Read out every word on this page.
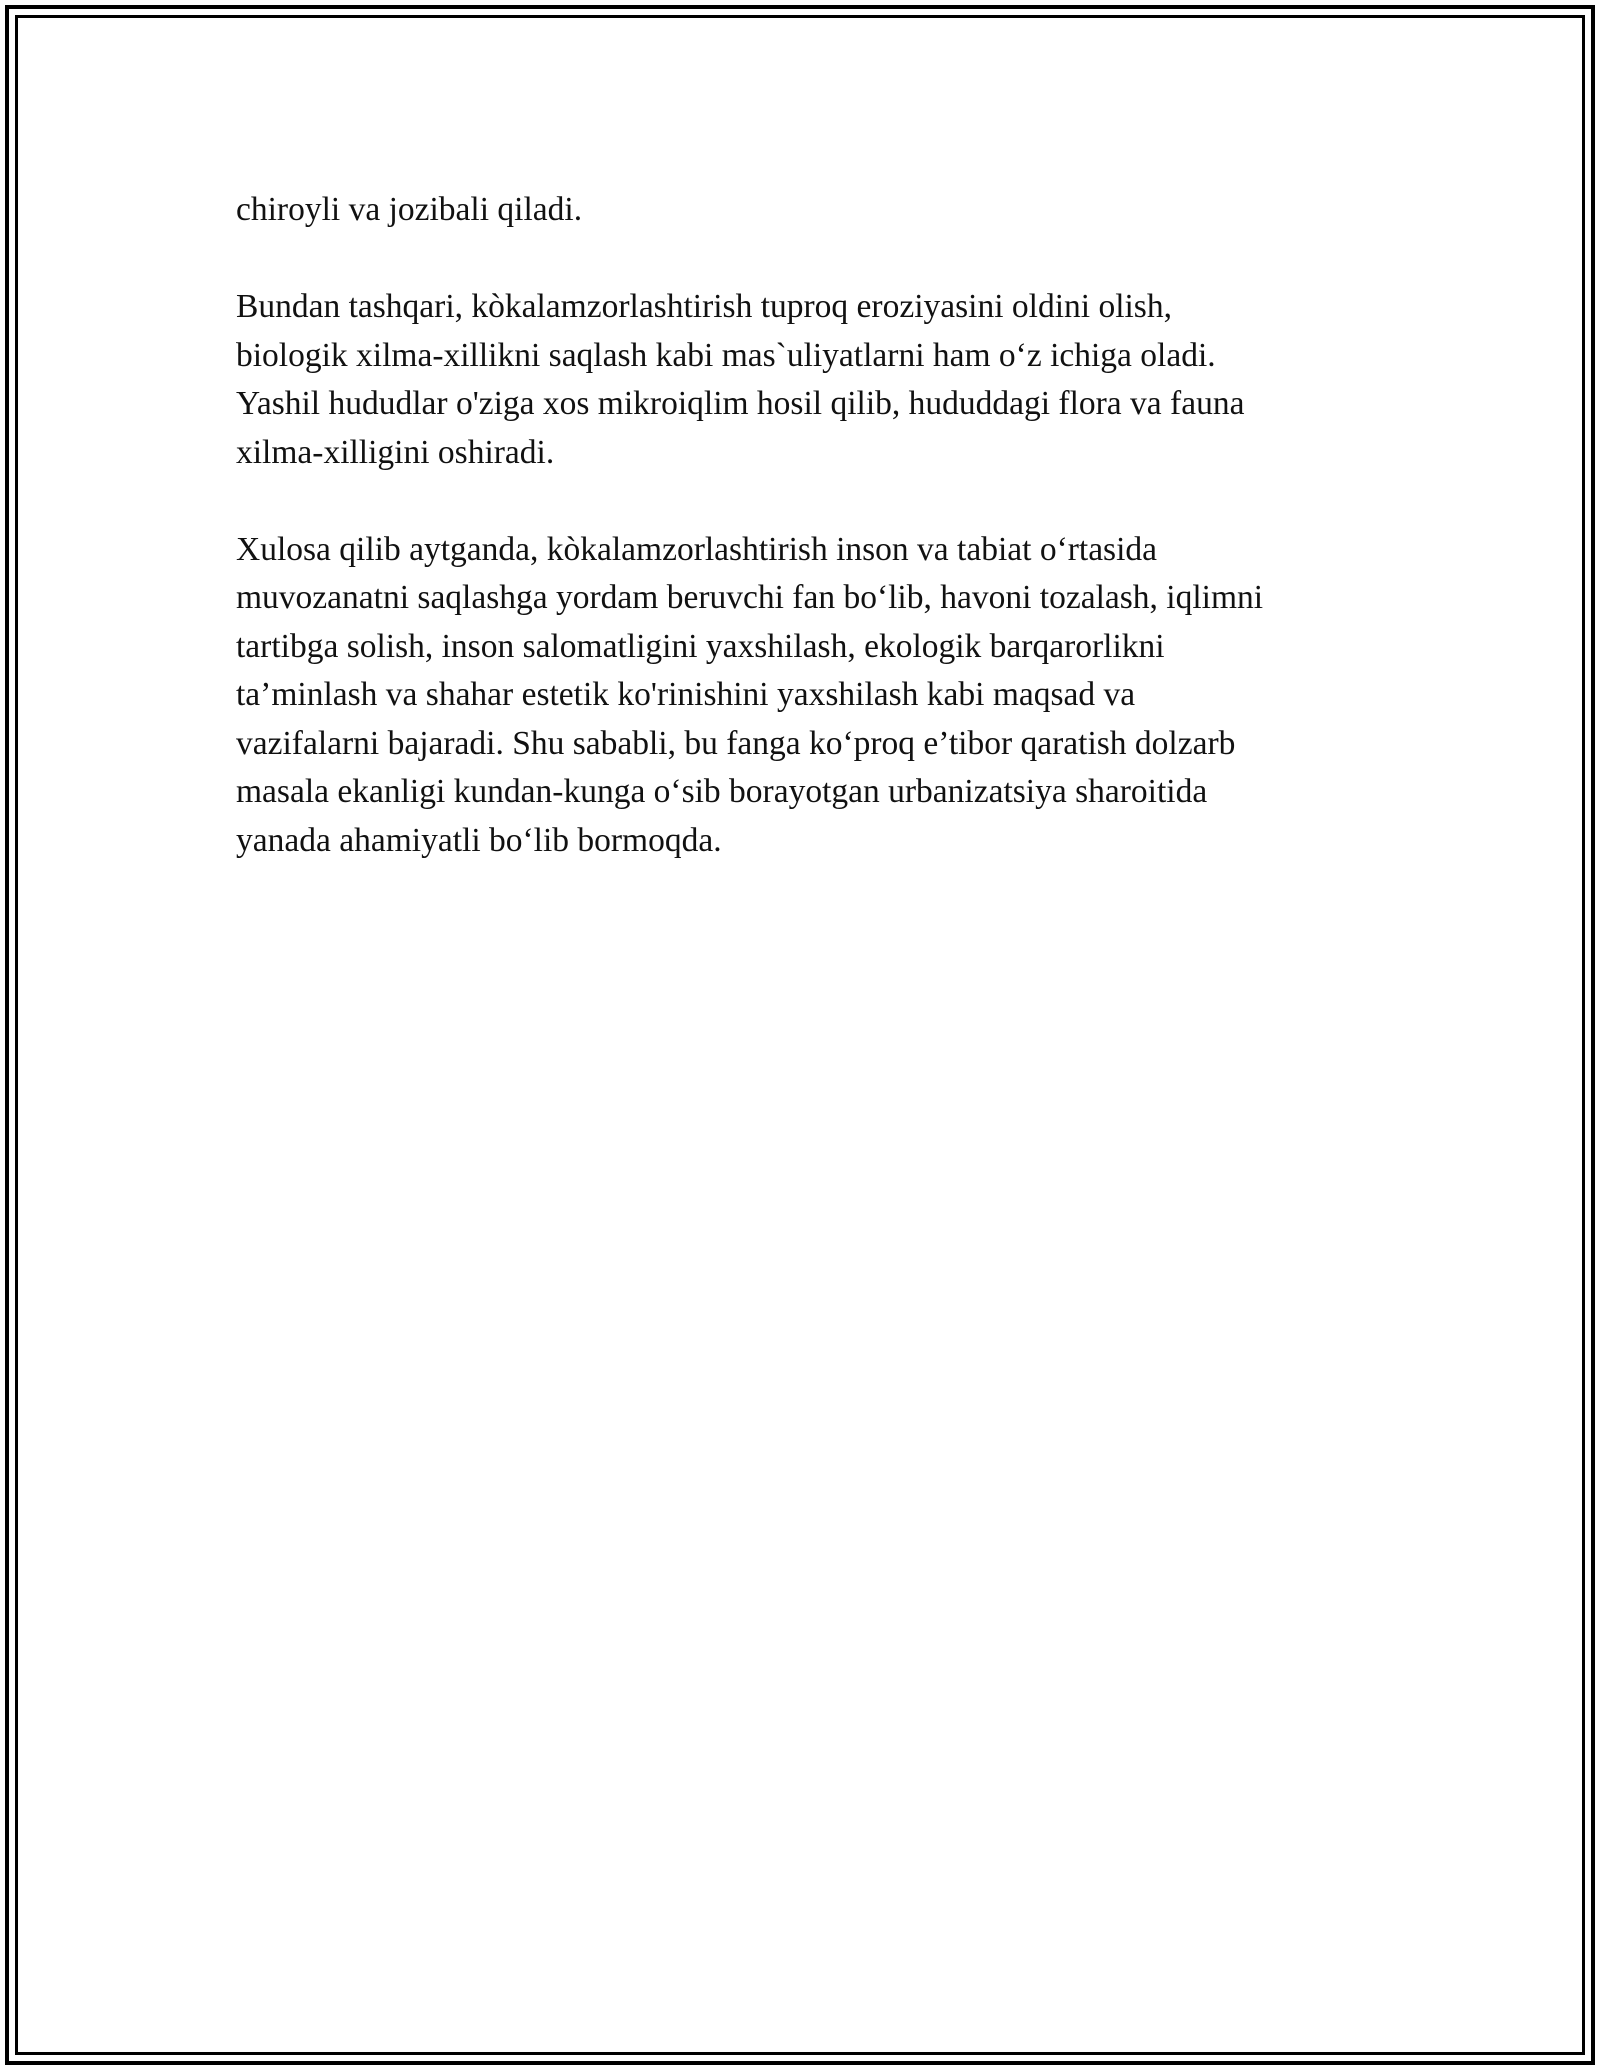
chiroyli va jozibali qiladi.

Bundan tashqari, kòkalamzorlashtirish tuproq eroziyasini oldini olish,
biologik xilma-xillikni saqlash kabi mas`uliyatlarni ham o‘z ichiga oladi.
Yashil hududlar o'ziga xos mikroiqlim hosil qilib, hududdagi flora va fauna
xilma-xilligini oshiradi.

Xulosa qilib aytganda, kòkalamzorlashtirish inson va tabiat o‘rtasida
muvozanatni saqlashga yordam beruvchi fan bo‘lib, havoni tozalash, iqlimni
tartibga solish, inson salomatligini yaxshilash, ekologik barqarorlikni
ta’minlash va shahar estetik ko'rinishini yaxshilash kabi maqsad va
vazifalarni bajaradi. Shu sababli, bu fanga ko‘proq e’tibor qaratish dolzarb
masala ekanligi kundan-kunga o‘sib borayotgan urbanizatsiya sharoitida
yanada ahamiyatli bo‘lib bormoqda.
